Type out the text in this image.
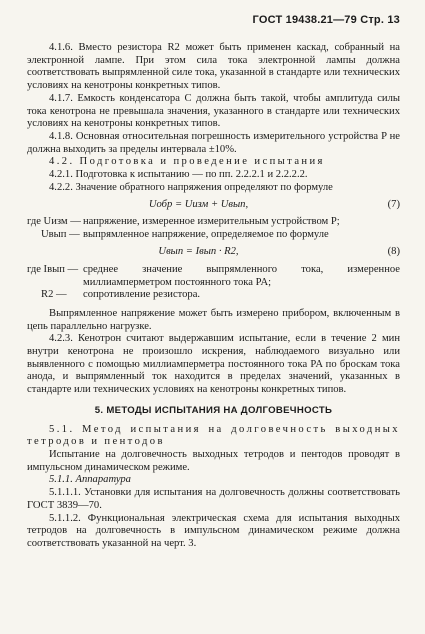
ГОСТ 19438.21—79 Стр. 13

4.1.6. Вместо резистора R2 может быть применен каскад, собранный на электронной лампе. При этом сила тока электронной лампы должна соответствовать выпрямленной силе тока, указанной в стандарте или технических условиях на кенотроны конкретных типов.

4.1.7. Емкость конденсатора C должна быть такой, чтобы амплитуда силы тока кенотрона не превышала значения, указанного в стандарте или технических условиях на кенотроны конкретных типов.

4.1.8. Основная относительная погрешность измерительного устройства P не должна выходить за пределы интервала ±10%.

4.2. Подготовка и проведение испытания

4.2.1. Подготовка к испытанию — по пп. 2.2.2.1 и 2.2.2.2.

4.2.2. Значение обратного напряжения определяют по формуле

Uобр = Uизм + Uвып,	(7)
где Uизм — напряжение, измеренное измерительным устройством P;
Uвып — выпрямленное напряжение, определяемое по формуле
Uвып = Iвып · R2,	(8)
где Iвып — среднее значение выпрямленного тока, измеренное миллиамперметром постоянного тока PA;
R2 —	сопротивление резистора.

Выпрямленное напряжение может быть измерено прибором, включенным в цепь параллельно нагрузке.

4.2.3. Кенотрон считают выдержавшим испытание, если в течение 2 мин внутри кенотрона не произошло искрения, наблюдаемого визуально или выявленного с помощью миллиамперметра постоянного тока PA по броскам тока анода, и выпрямленный ток находится в пределах значений, указанных в стандарте или технических условиях на кенотроны конкретных типов.

5. МЕТОДЫ ИСПЫТАНИЯ НА ДОЛГОВЕЧНОСТЬ

5.1. Метод испытания на долговечность выходных тетродов и пентодов

Испытание на долговечность выходных тетродов и пентодов проводят в импульсном динамическом режиме.

5.1.1. Аппаратура

5.1.1.1. Установки для испытания на долговечность должны соответствовать ГОСТ 3839—70.

5.1.1.2. Функциональная электрическая схема для испытания выходных тетродов на долговечность в импульсном динамическом режиме должна соответствовать указанной на черт. 3.
